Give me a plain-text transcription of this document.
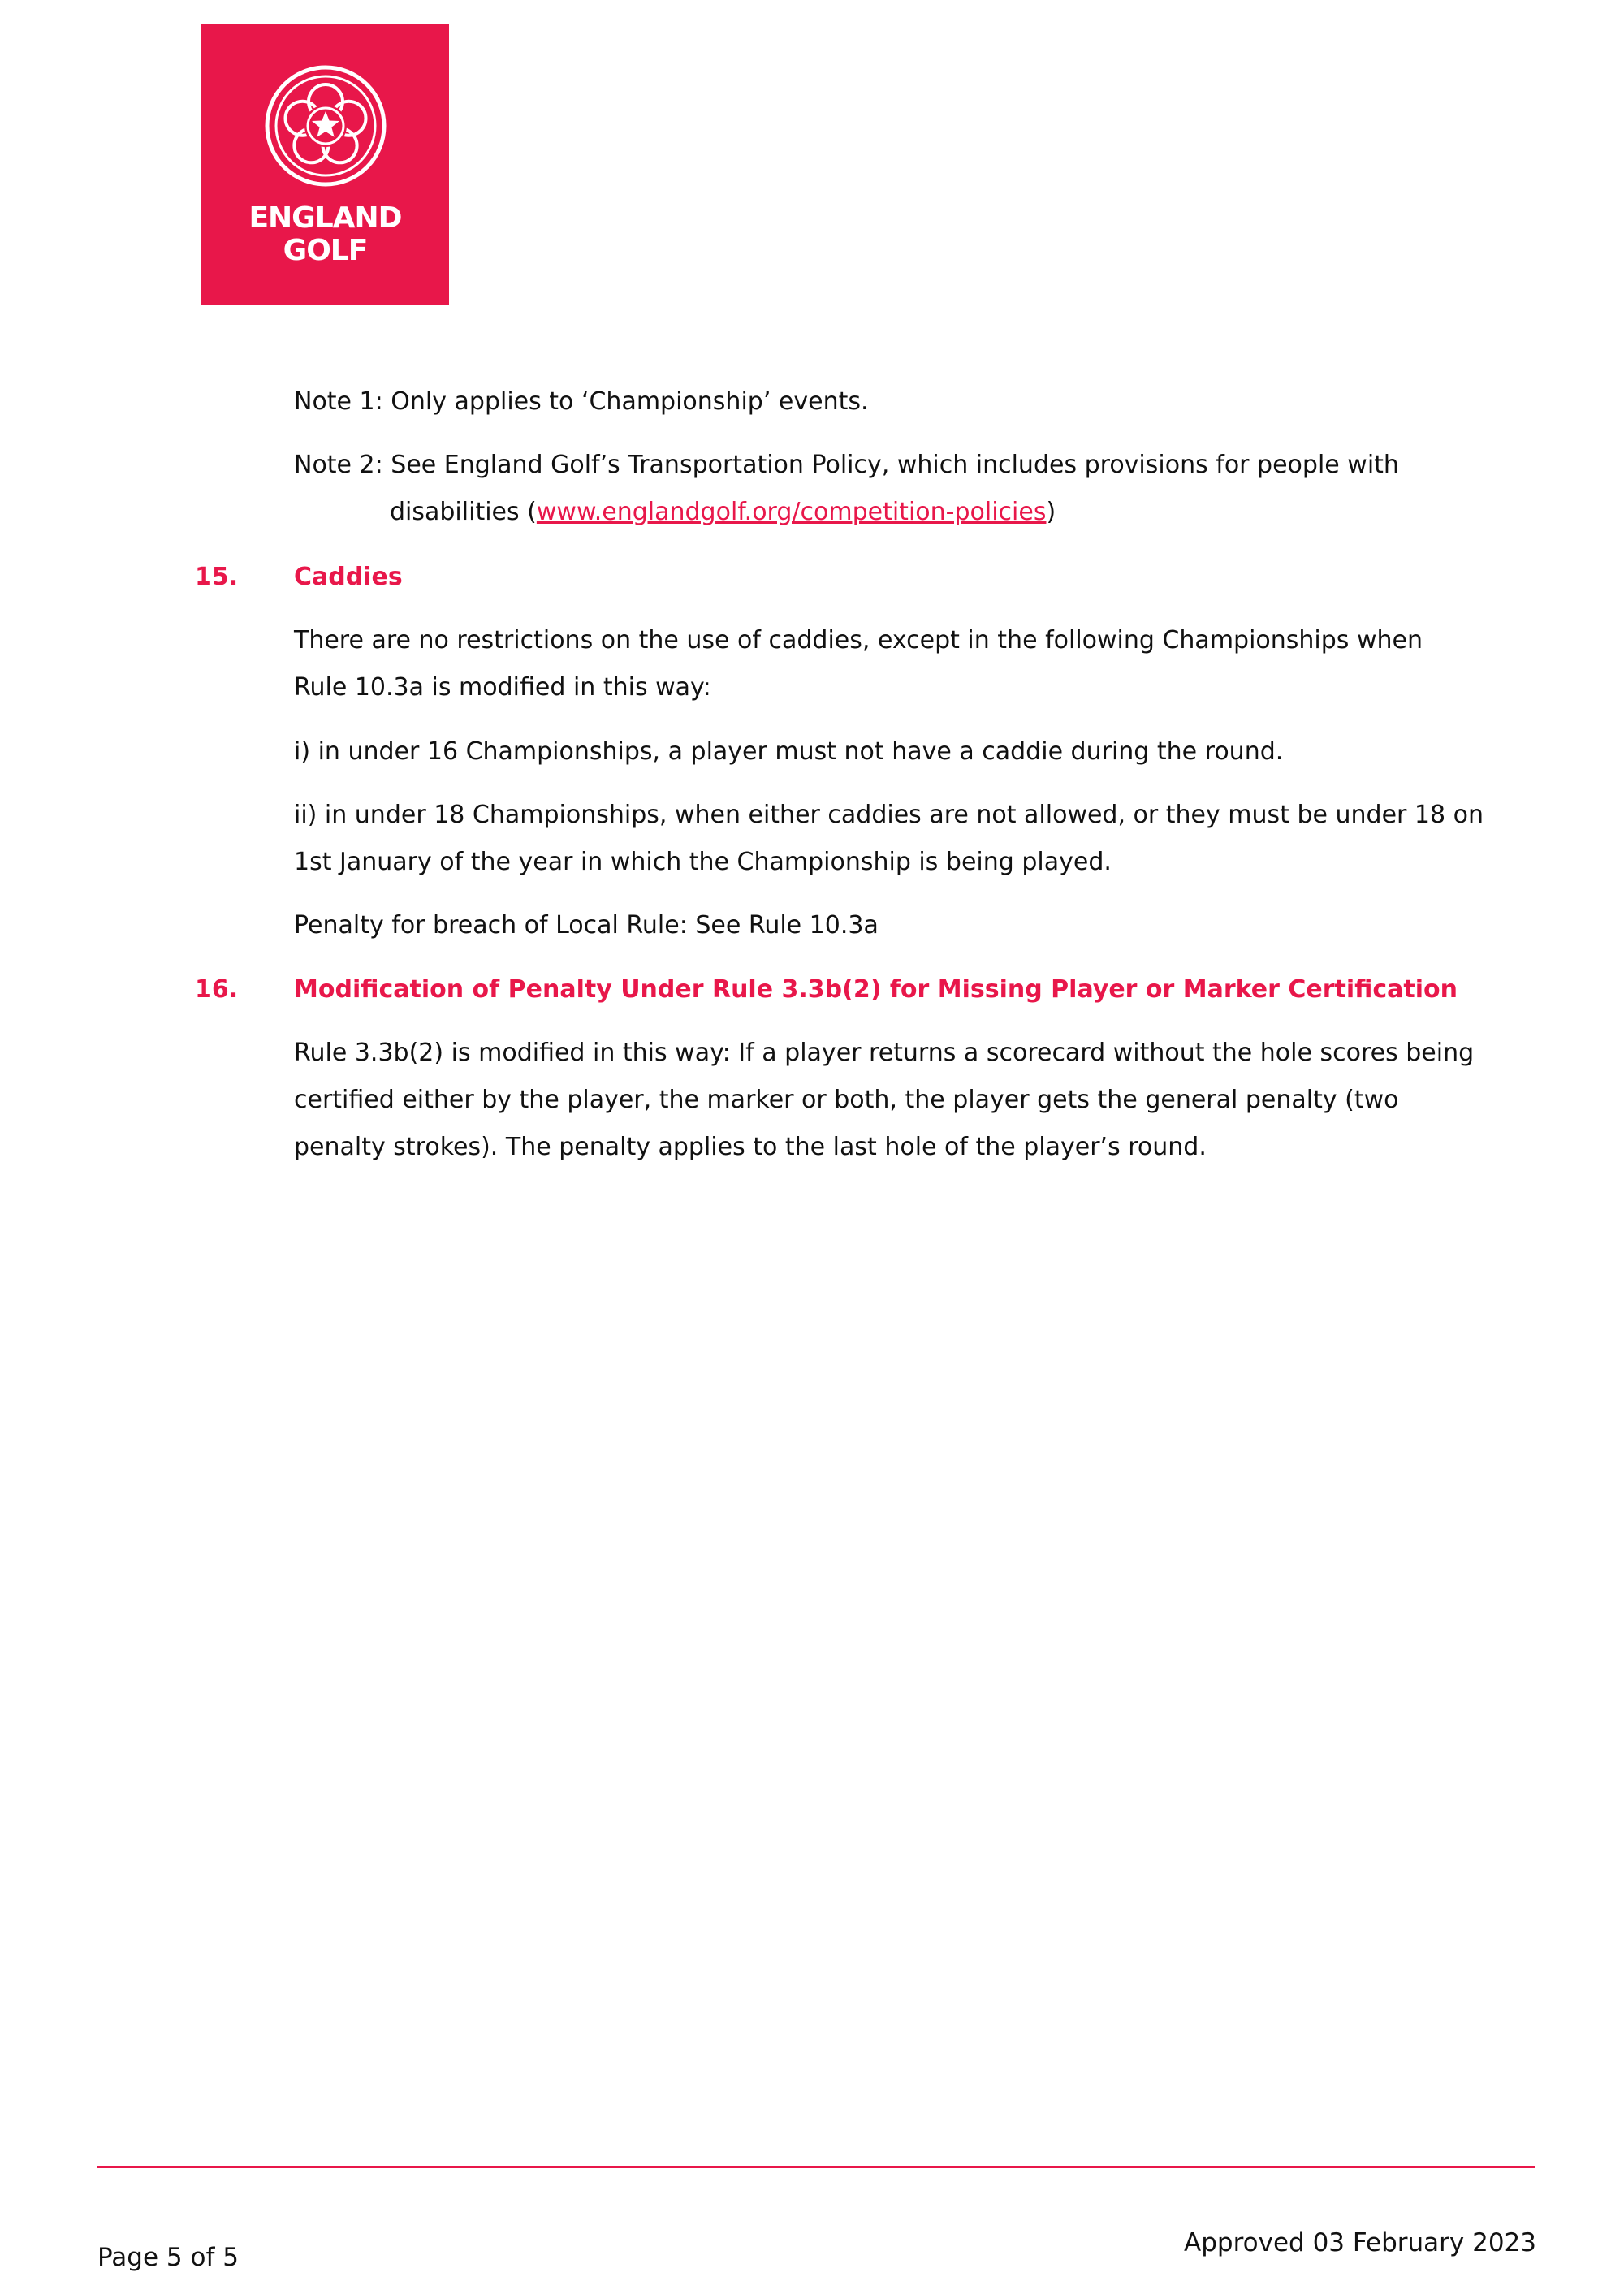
ENGLAND
GOLF
Note 1: Only applies to ‘Championship’ events.
Note 2: See England Golf’s Transportation Policy, which includes provisions for people with
disabilities (www.englandgolf.org/competition-policies)
15. Caddies
There are no restrictions on the use of caddies, except in the following Championships when
Rule 10.3a is modified in this way:
i) in under 16 Championships, a player must not have a caddie during the round.
ii) in under 18 Championships, when either caddies are not allowed, or they must be under 18 on
1st January of the year in which the Championship is being played.
Penalty for breach of Local Rule: See Rule 10.3a
16. Modification of Penalty Under Rule 3.3b(2) for Missing Player or Marker Certification
Rule 3.3b(2) is modified in this way: If a player returns a scorecard without the hole scores being
certified either by the player, the marker or both, the player gets the general penalty (two
penalty strokes). The penalty applies to the last hole of the player’s round.
Page 5 of 5	Approved 03 February 2023
